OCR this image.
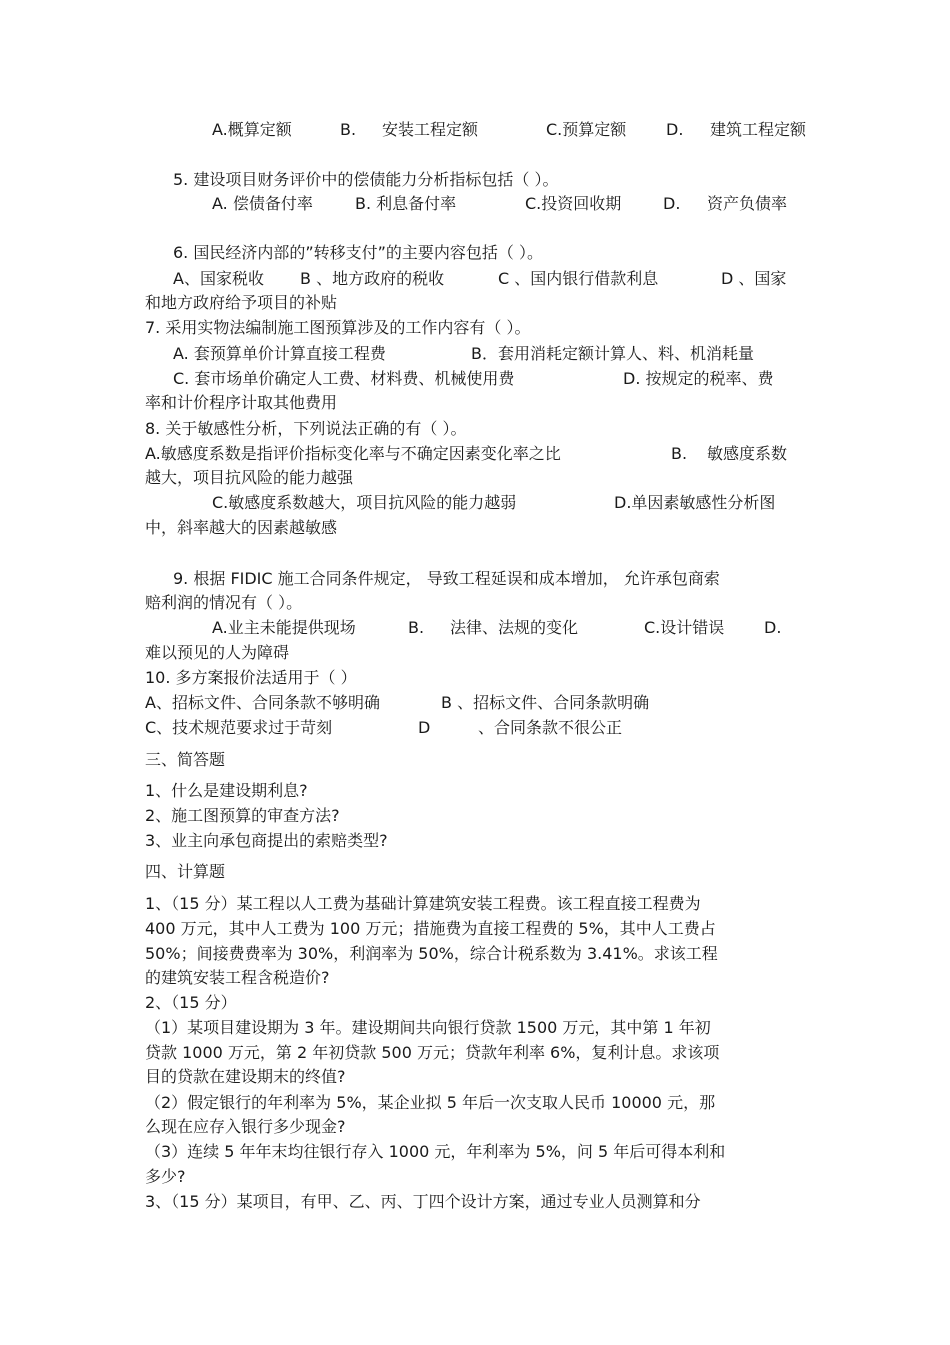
A.概算定额	B. 安装工程定额	C.预算定额 D. 建筑工程定额
5. 建设项目财务评价中的偿债能力分析指标包括（ ）。
A. 偿债备付率	B. 利息备付率	C.投资回收期	D. 资产负债率
6. 国民经济内部的”转移支付”的主要内容包括（ ）。
A、国家税收 B 、地方政府的税收	C 、国内银行借款利息	D 、国家
和地方政府给予项目的补贴
7. 采用实物法编制施工图预算涉及的工作内容有（ ）。
A. 套预算单价计算直接工程费	B．套用消耗定额计算人、料、机消耗量
C. 套市场单价确定人工费、材料费、机械使用费	D. 按规定的税率、费
率和计价程序计取其他费用
8. 关于敏感性分析，下列说法正确的有（ ）。
A.敏感度系数是指评价指标变化率与不确定因素变化率之比	B. 敏感度系数
越大，项目抗风险的能力越强
C.敏感度系数越大，项目抗风险的能力越弱	D.单因素敏感性分析图
中，斜率越大的因素越敏感
9. 根据 FIDIC 施工合同条件规定， 导致工程延误和成本增加， 允许承包商索
赔利润的情况有（ ）。
A.业主未能提供现场	B. 法律、法规的变化	C.设计错误 D.
难以预见的人为障碍
10. 多方案报价法适用于（ ）
A、招标文件、合同条款不够明确	B 、招标文件、合同条款明确
C、技术规范要求过于苛刻	D	、合同条款不很公正
三、简答题
1、什么是建设期利息?
2、施工图预算的审查方法?
3、业主向承包商提出的索赔类型?
四、计算题
1、（15 分）某工程以人工费为基础计算建筑安装工程费。该工程直接工程费为
400 万元，其中人工费为 100 万元；措施费为直接工程费的 5%，其中人工费占
50%；间接费费率为 30%，利润率为 50%，综合计税系数为 3.41%。求该工程
的建筑安装工程含税造价?
2、（15 分）
（1）某项目建设期为 3 年。建设期间共向银行贷款 1500 万元，其中第 1 年初
贷款 1000 万元，第 2 年初贷款 500 万元；贷款年利率 6%，复利计息。求该项
目的贷款在建设期末的终值?
（2）假定银行的年利率为 5%，某企业拟 5 年后一次支取人民币 10000 元，那
么现在应存入银行多少现金?
（3）连续 5 年年末均往银行存入 1000 元，年利率为 5%，问 5 年后可得本利和
多少?
3、（15 分）某项目，有甲、乙、丙、丁四个设计方案，通过专业人员测算和分
